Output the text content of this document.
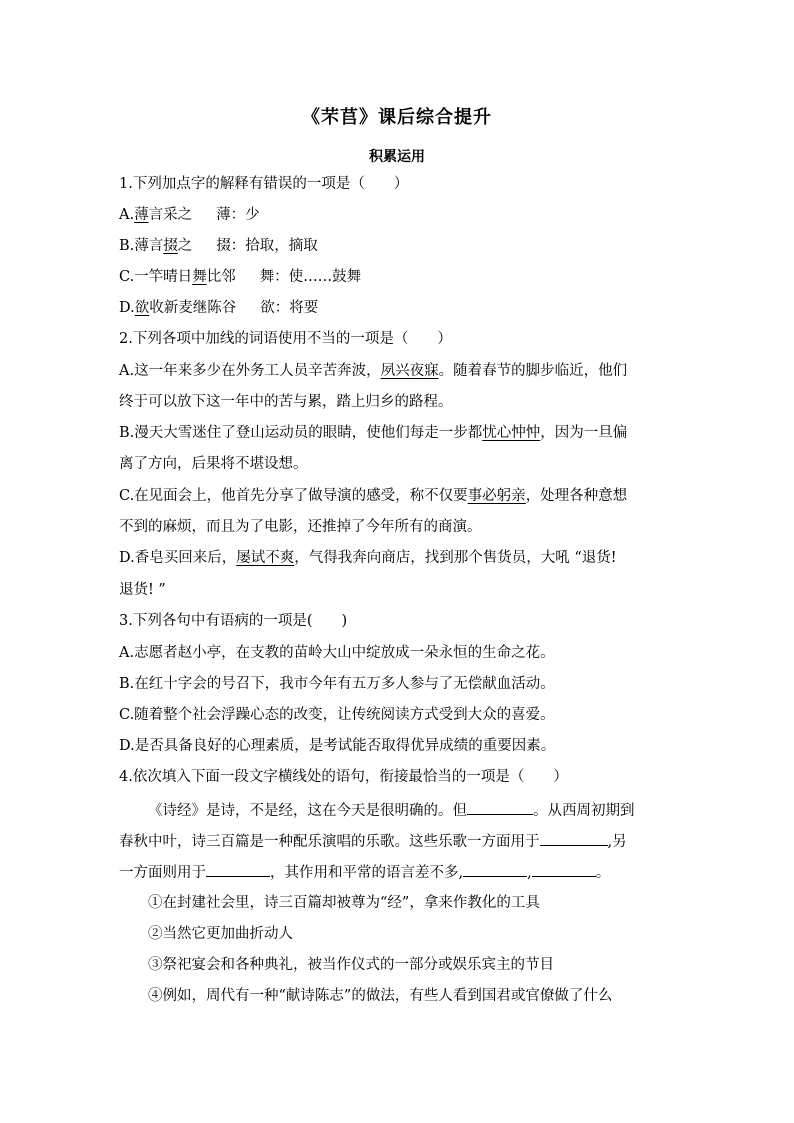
《芣苢》课后综合提升
积累运用
1.下列加点字的解释有错误的一项是（　　）
A.薄言采之 薄：少
B.薄言掇之 掇：拾取，摘取
C.一竿晴日舞比邻 舞：使……鼓舞
D.欲收新麦继陈谷 欲：将要
2.下列各项中加线的词语使用不当的一项是（　　）
A.这一年来多少在外务工人员辛苦奔波，夙兴夜寐。随着春节的脚步临近，他们
终于可以放下这一年中的苦与累，踏上归乡的路程。
B.漫天大雪迷住了登山运动员的眼睛，使他们每走一步都忧心忡忡，因为一旦偏
离了方向，后果将不堪设想。
C.在见面会上，他首先分享了做导演的感受，称不仅要事必躬亲，处理各种意想
不到的麻烦，而且为了电影，还推掉了今年所有的商演。
D.香皂买回来后，屡试不爽，气得我奔向商店，找到那个售货员，大吼 “退货!
退货! ”
3.下列各句中有语病的一项是(　　)
A.志愿者赵小亭，在支教的苗岭大山中绽放成一朵永恒的生命之花。
B.在红十字会的号召下，我市今年有五万多人参与了无偿献血活动。
C.随着整个社会浮躁心态的改变，让传统阅读方式受到大众的喜爱。
D.是否具备良好的心理素质，是考试能否取得优异成绩的重要因素。
4.依次填入下面一段文字横线处的语句，衔接最恰当的一项是（　　）
《诗经》是诗，不是经，这在今天是很明确的。但	。从西周初期到
春秋中叶，诗三百篇是一种配乐演唱的乐歌。这些乐歌一方面用于	,另
一方面则用于	，其作用和平常的语言差不多,	,	。
①在封建社会里，诗三百篇却被尊为“经”，拿来作教化的工具
②当然它更加曲折动人
③祭祀宴会和各种典礼，被当作仪式的一部分或娱乐宾主的节目
④例如，周代有一种“献诗陈志”的做法，有些人看到国君或官僚做了什么
